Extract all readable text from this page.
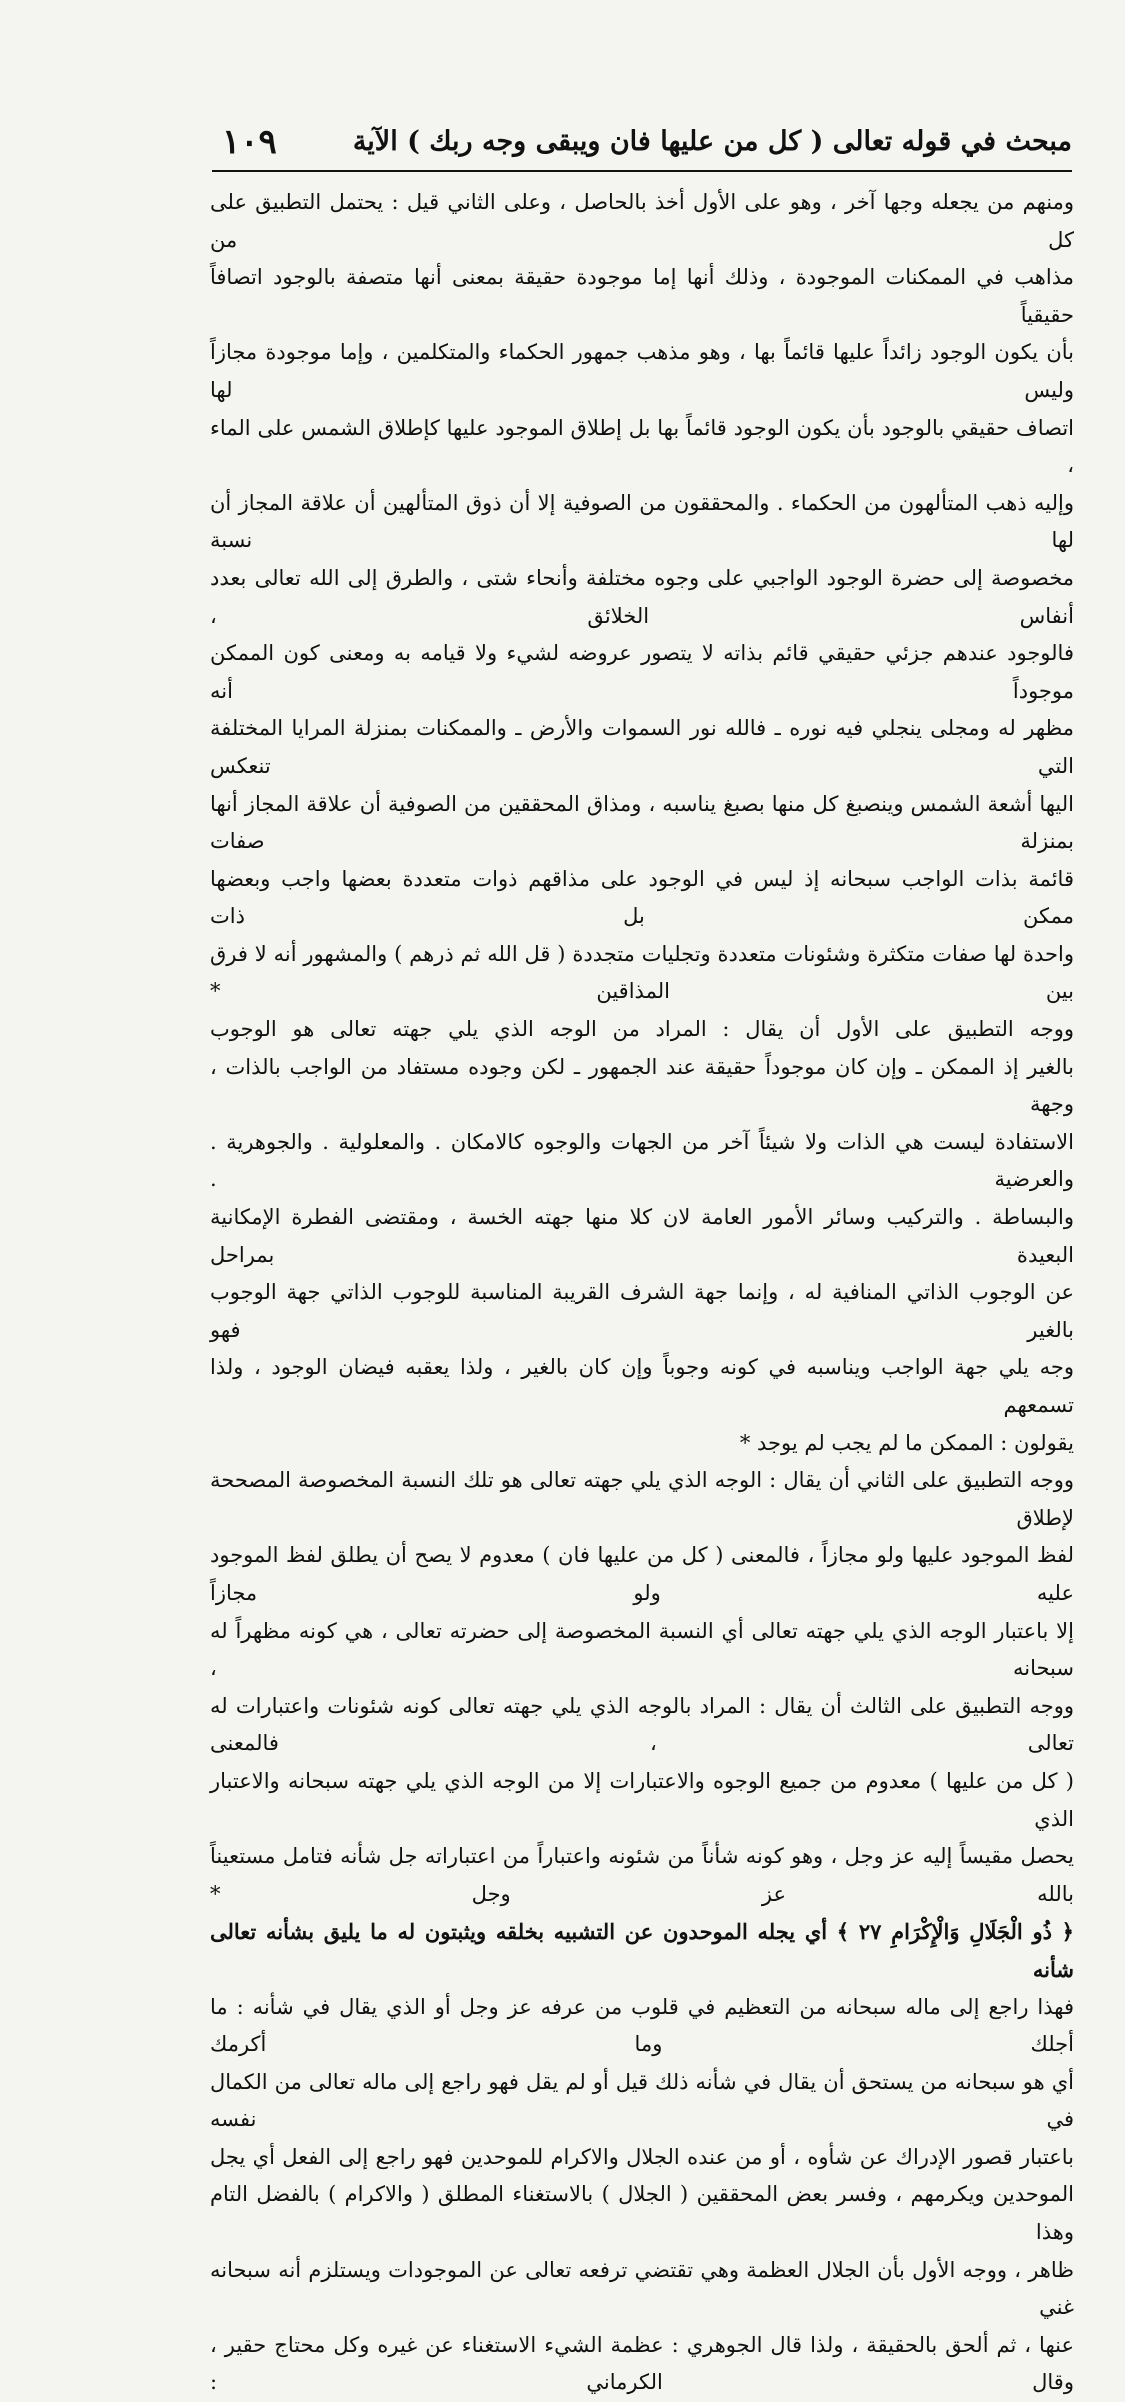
مبحث في قوله تعالى ( كل من عليها فان ويبقى وجه ربك ) الآية
١٠٩

ومنهم من يجعله وجها آخر ، وهو على الأول أخذ بالحاصل ، وعلى الثاني قيل : يحتمل التطبيق على كل من

مذاهب في الممكنات الموجودة ، وذلك أنها إما موجودة حقيقة بمعنى أنها متصفة بالوجود اتصافاً حقيقياً

بأن يكون الوجود زائداً عليها قائماً بها ، وهو مذهب جمهور الحكماء والمتكلمين ، وإما موجودة مجازاً وليس لها

اتصاف حقيقي بالوجود بأن يكون الوجود قائماً بها بل إطلاق الموجود عليها كإطلاق الشمس على الماء ،

وإليه ذهب المتألهون من الحكماء . والمحققون من الصوفية إلا أن ذوق المتألهين أن علاقة المجاز أن لها نسبة

مخصوصة إلى حضرة الوجود الواجبي على وجوه مختلفة وأنحاء شتى ، والطرق إلى الله تعالى بعدد أنفاس الخلائق ،

فالوجود عندهم جزئي حقيقي قائم بذاته لا يتصور عروضه لشيء ولا قيامه به ومعنى كون الممكن موجوداً أنه

مظهر له ومجلى ينجلي فيه نوره ـ فالله نور السموات والأرض ـ والممكنات بمنزلة المرايا المختلفة التي تنعكس

اليها أشعة الشمس وينصبغ كل منها بصبغ يناسبه ، ومذاق المحققين من الصوفية أن علاقة المجاز أنها بمنزلة صفات

قائمة بذات الواجب سبحانه إذ ليس في الوجود على مذاقهم ذوات متعددة بعضها واجب وبعضها ممكن بل ذات

واحدة لها صفات متكثرة وشئونات متعددة وتجليات متجددة ( قل الله ثم ذرهم ) والمشهور أنه لا فرق بين المذاقين *

ووجه التطبيق على الأول أن يقال : المراد من الوجه الذي يلي جهته تعالى هو الوجوب

بالغير إذ الممكن ـ وإن كان موجوداً حقيقة عند الجمهور ـ لكن وجوده مستفاد من الواجب بالذات ، وجهة

الاستفادة ليست هي الذات ولا شيئاً آخر من الجهات والوجوه كالامكان . والمعلولية . والجوهرية . والعرضية .

والبساطة . والتركيب وسائر الأمور العامة لان كلا منها جهته الخسة ، ومقتضى الفطرة الإمكانية البعيدة بمراحل

عن الوجوب الذاتي المنافية له ، وإنما جهة الشرف القريبة المناسبة للوجوب الذاتي جهة الوجوب بالغير فهو

وجه يلي جهة الواجب ويناسبه في كونه وجوباً وإن كان بالغير ، ولذا يعقبه فيضان الوجود ، ولذا تسمعهم

يقولون : الممكن ما لم يجب لم يوجد *

ووجه التطبيق على الثاني أن يقال : الوجه الذي يلي جهته تعالى هو تلك النسبة المخصوصة المصححة لإطلاق

لفظ الموجود عليها ولو مجازاً ، فالمعنى ( كل من عليها فان ) معدوم لا يصح أن يطلق لفظ الموجود عليه ولو مجازاً

إلا باعتبار الوجه الذي يلي جهته تعالى أي النسبة المخصوصة إلى حضرته تعالى ، هي كونه مظهراً له سبحانه ،

ووجه التطبيق على الثالث أن يقال : المراد بالوجه الذي يلي جهته تعالى كونه شئونات واعتبارات له تعالى ، فالمعنى

( كل من عليها ) معدوم من جميع الوجوه والاعتبارات إلا من الوجه الذي يلي جهته سبحانه والاعتبار الذي

يحصل مقيساً إليه عز وجل ، وهو كونه شأناً من شئونه واعتباراً من اعتباراته جل شأنه فتامل مستعيناً بالله عز وجل *

﴿ ذُو الْجَلَالِ وَالْإِكْرَامِ ٢٧ ﴾ أي يجله الموحدون عن التشبيه بخلقه ويثبتون له ما يليق بشأنه تعالى شأنه

فهذا راجع إلى ماله سبحانه من التعظيم في قلوب من عرفه عز وجل أو الذي يقال في شأنه : ما أجلك وما أكرمك

أي هو سبحانه من يستحق أن يقال في شأنه ذلك قيل أو لم يقل فهو راجع إلى ماله تعالى من الكمال في نفسه

باعتبار قصور الإدراك عن شأوه ، أو من عنده الجلال والاكرام للموحدين فهو راجع إلى الفعل أي يجل

الموحدين ويكرمهم ، وفسر بعض المحققين ( الجلال ) بالاستغناء المطلق ( والاكرام ) بالفضل التام وهذا

ظاهر ، ووجه الأول بأن الجلال العظمة وهي تقتضي ترفعه تعالى عن الموجودات ويستلزم أنه سبحانه غني

عنها ، ثم ألحق بالحقيقة ، ولذا قال الجوهري : عظمة الشيء الاستغناء عن غيره وكل محتاج حقير ، وقال الكرماني :
